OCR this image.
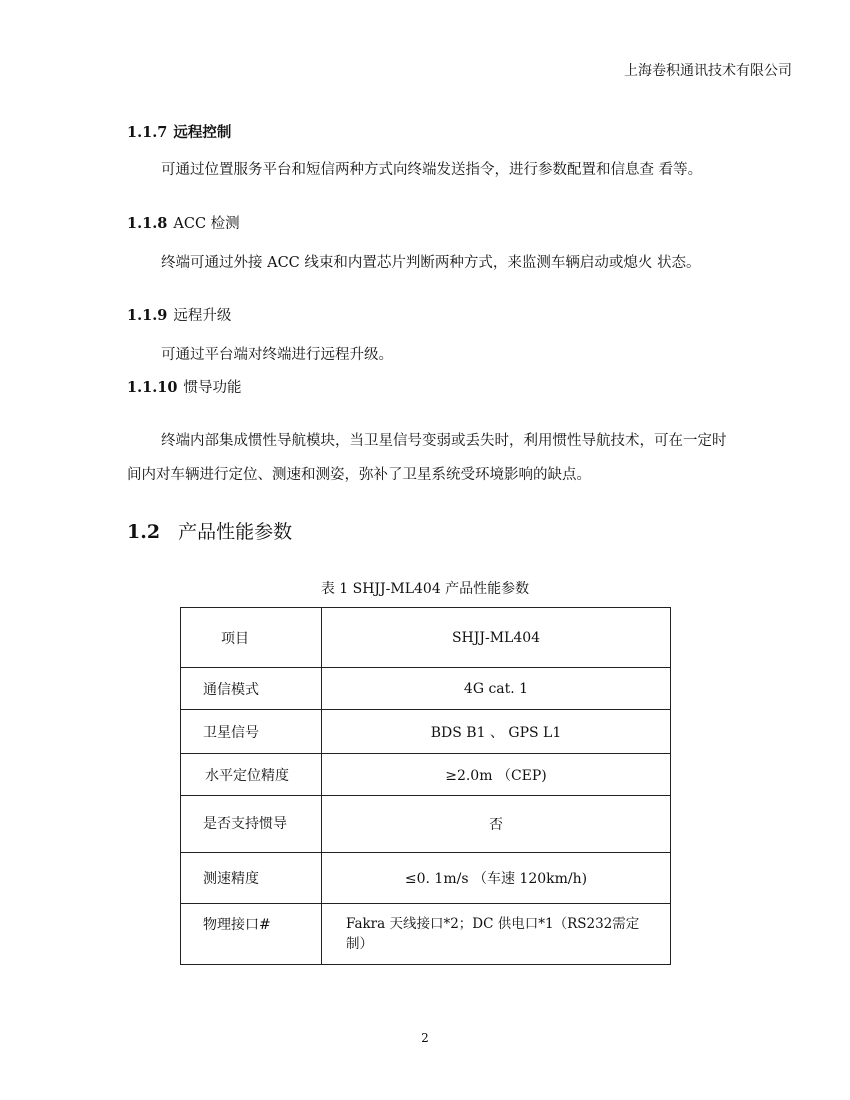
上海卷积通讯技术有限公司
1.1.7 远程控制
可通过位置服务平台和短信两种方式向终端发送指令，进行参数配置和信息查 看等。
1.1.8 ACC 检测
终端可通过外接 ACC 线束和内置芯片判断两种方式，来监测车辆启动或熄火 状态。
1.1.9 远程升级
可通过平台端对终端进行远程升级。
1.1.10 惯导功能
终端内部集成惯性导航模块，当卫星信号变弱或丢失时，利用惯性导航技术，可在一定时间内对车辆进行定位、测速和测姿，弥补了卫星系统受环境影响的缺点。
1.2 产品性能参数
表 1 SHJJ-ML404 产品性能参数
项目	SHJJ-ML404
通信模式	4G cat. 1
卫星信号	BDS B1 、 GPS L1
水平定位精度	≥2.0m （CEP)
是否支持惯导	否
测速精度	≤0. 1m/s （车速 120km/h)
物理接口#	Fakra 天线接口*2；DC 供电口*1（RS232需定制）
2
